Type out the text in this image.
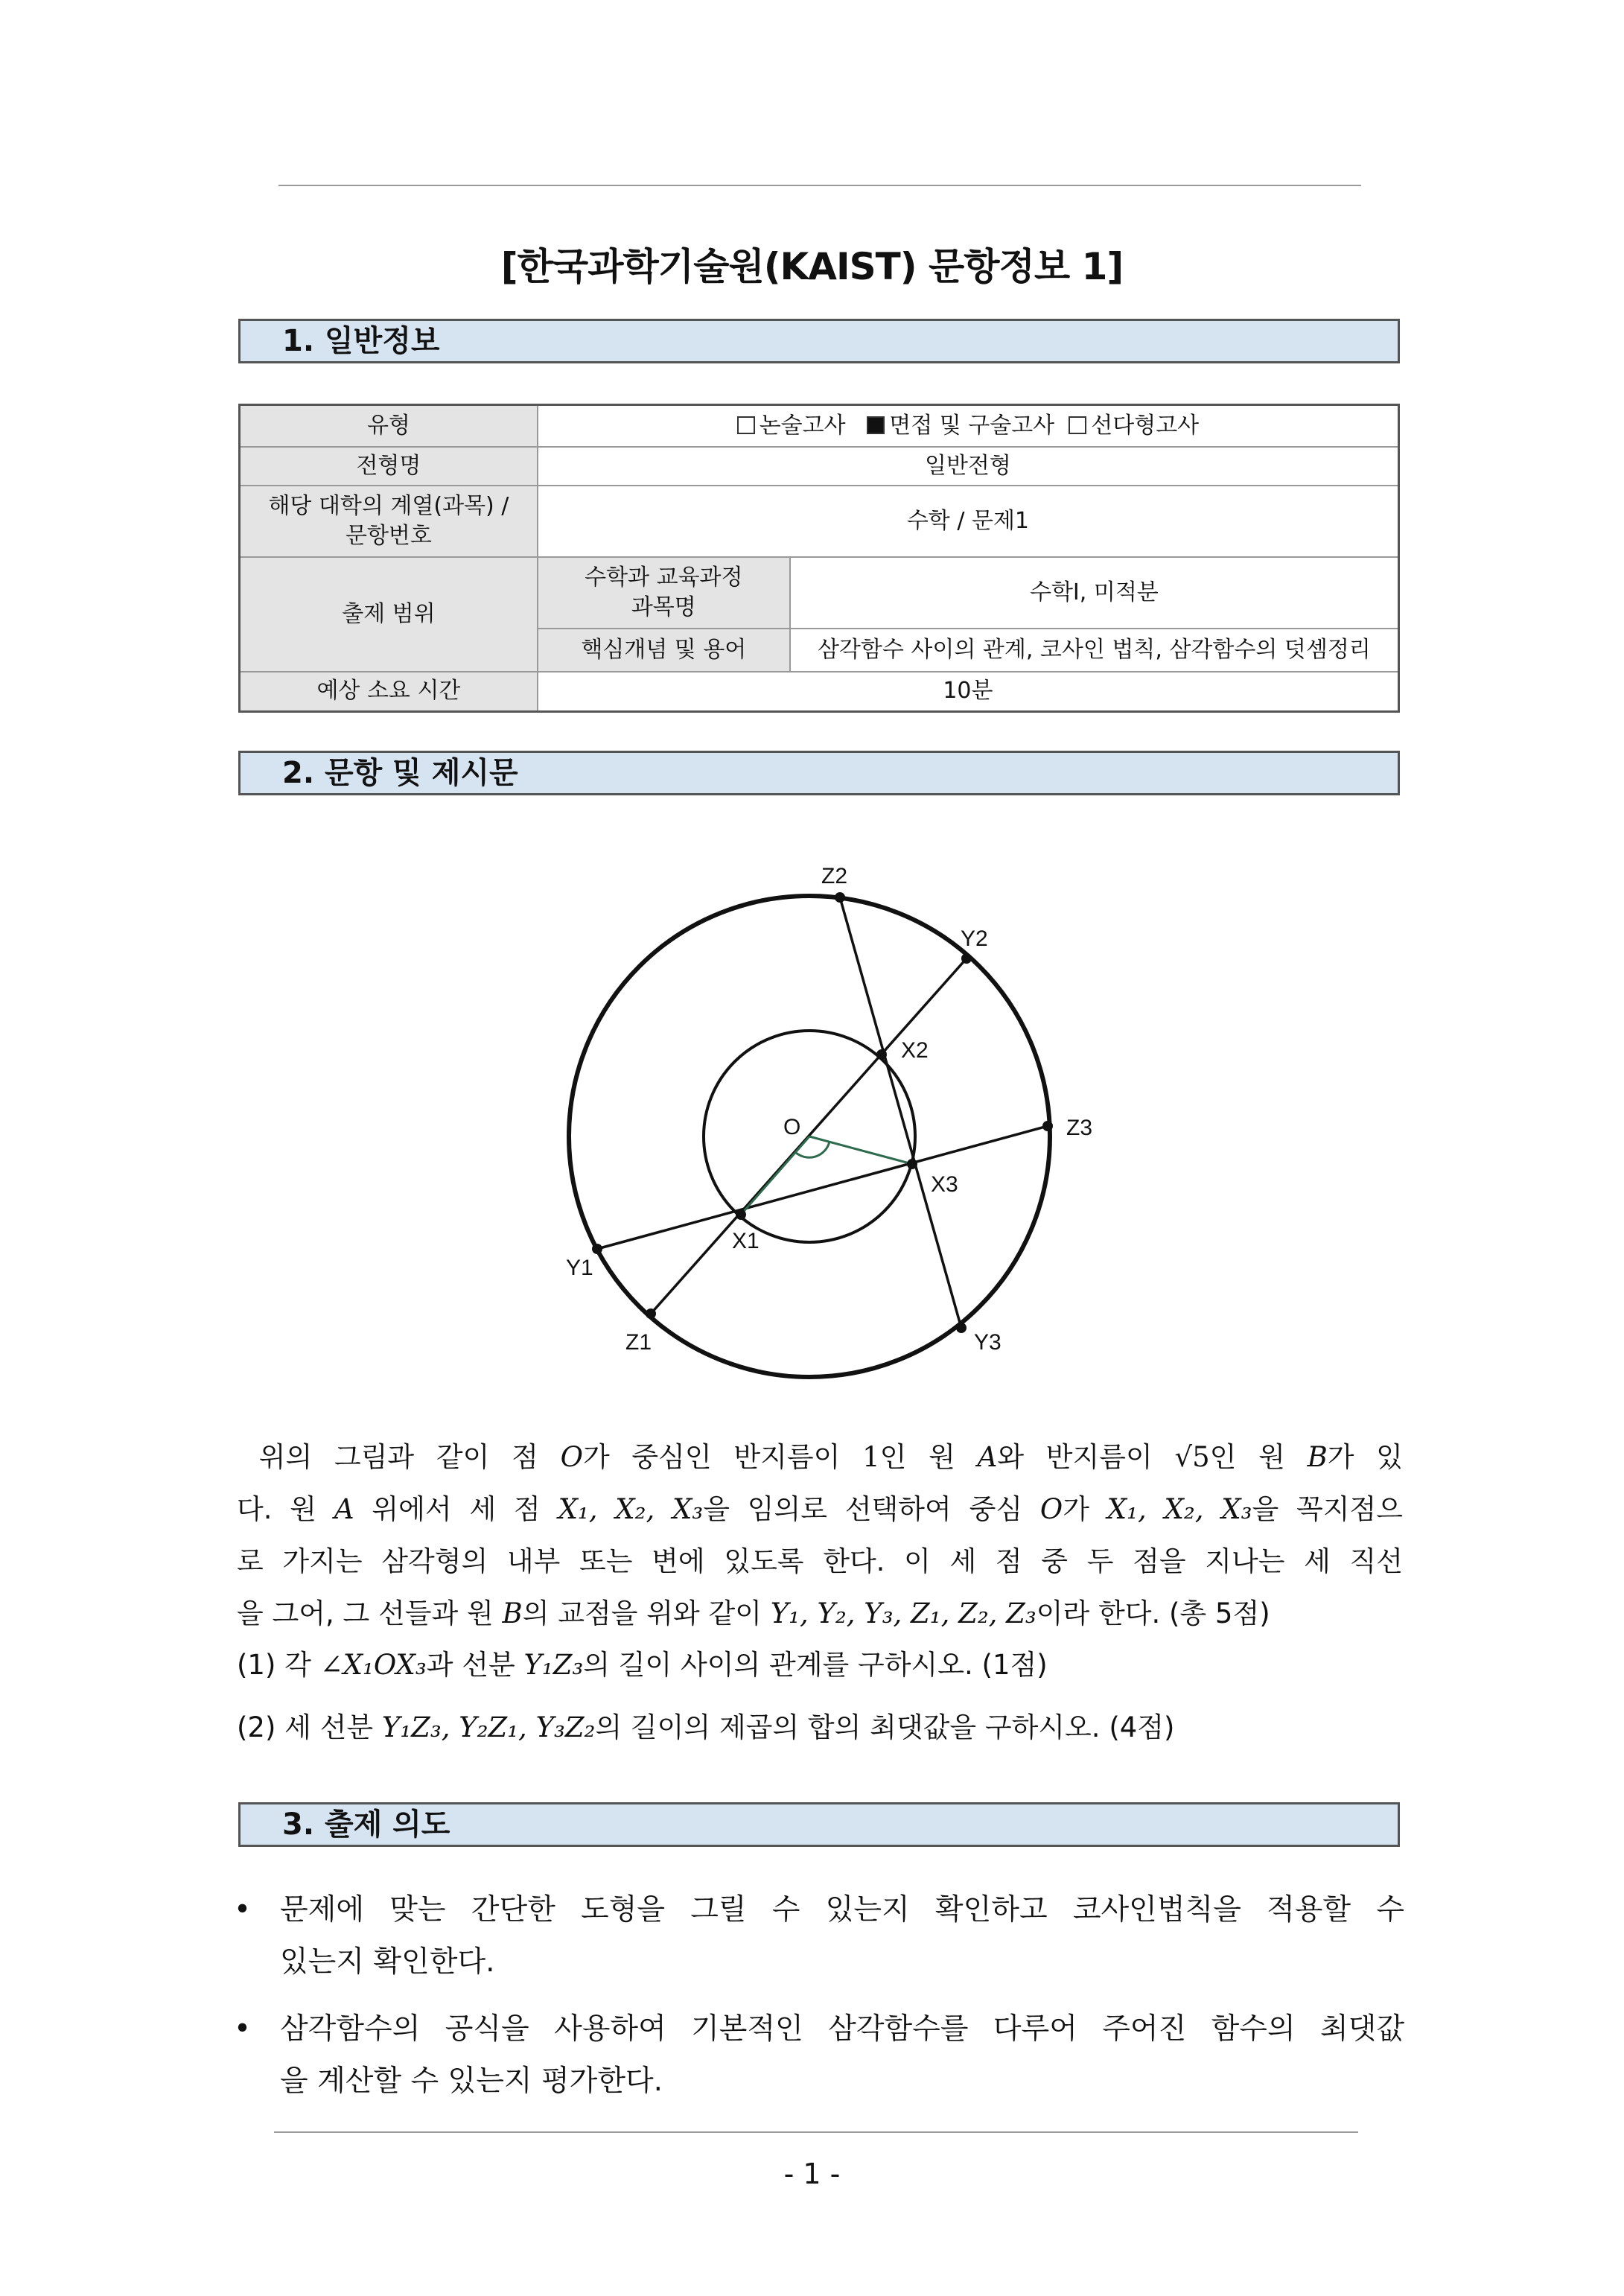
[한국과학기술원(KAIST) 문항정보 1]
1. 일반정보
유형	논술고사 면접 및 구술고사 선다형고사	
전형명	일반전형	
해당 대학의 계열(과목) / 문항번호	수학 / 문제1	
출제 범위	수학과 교육과정 과목명	수학Ⅰ, 미적분
	핵심개념 및 용어	삼각함수 사이의 관계, 코사인 법칙, 삼각함수의 덧셈정리
예상 소요 시간	10분	
2. 문항 및 제시문
Z2
Y2
X2
O	Z3
X3
X1
Y1
Z1	Y3

위의 그림과 같이 점 O가 중심인 반지름이 1인 원 A와 반지름이 √5인 원 B가 있

다. 원 A 위에서 세 점 X₁, X₂, X₃을 임의로 선택하여 중심 O가 X₁, X₂, X₃을 꼭지점으

로 가지는 삼각형의 내부 또는 변에 있도록 한다. 이 세 점 중 두 점을 지나는 세 직선

을 그어, 그 선들과 원 B의 교점을 위와 같이 Y₁, Y₂, Y₃, Z₁, Z₂, Z₃이라 한다. (총 5점)

(1) 각 ∠X₁OX₃과 선분 Y₁Z₃의 길이 사이의 관계를 구하시오. (1점)
(2) 세 선분 Y₁Z₃, Y₂Z₁, Y₃Z₂의 길이의 제곱의 합의 최댓값을 구하시오. (4점)
3. 출제 의도
• 문제에 맞는 간단한 도형을 그릴 수 있는지 확인하고 코사인법칙을 적용할 수
있는지 확인한다.
• 삼각함수의 공식을 사용하여 기본적인 삼각함수를 다루어 주어진 함수의 최댓값
을 계산할 수 있는지 평가한다.
- 1 -
